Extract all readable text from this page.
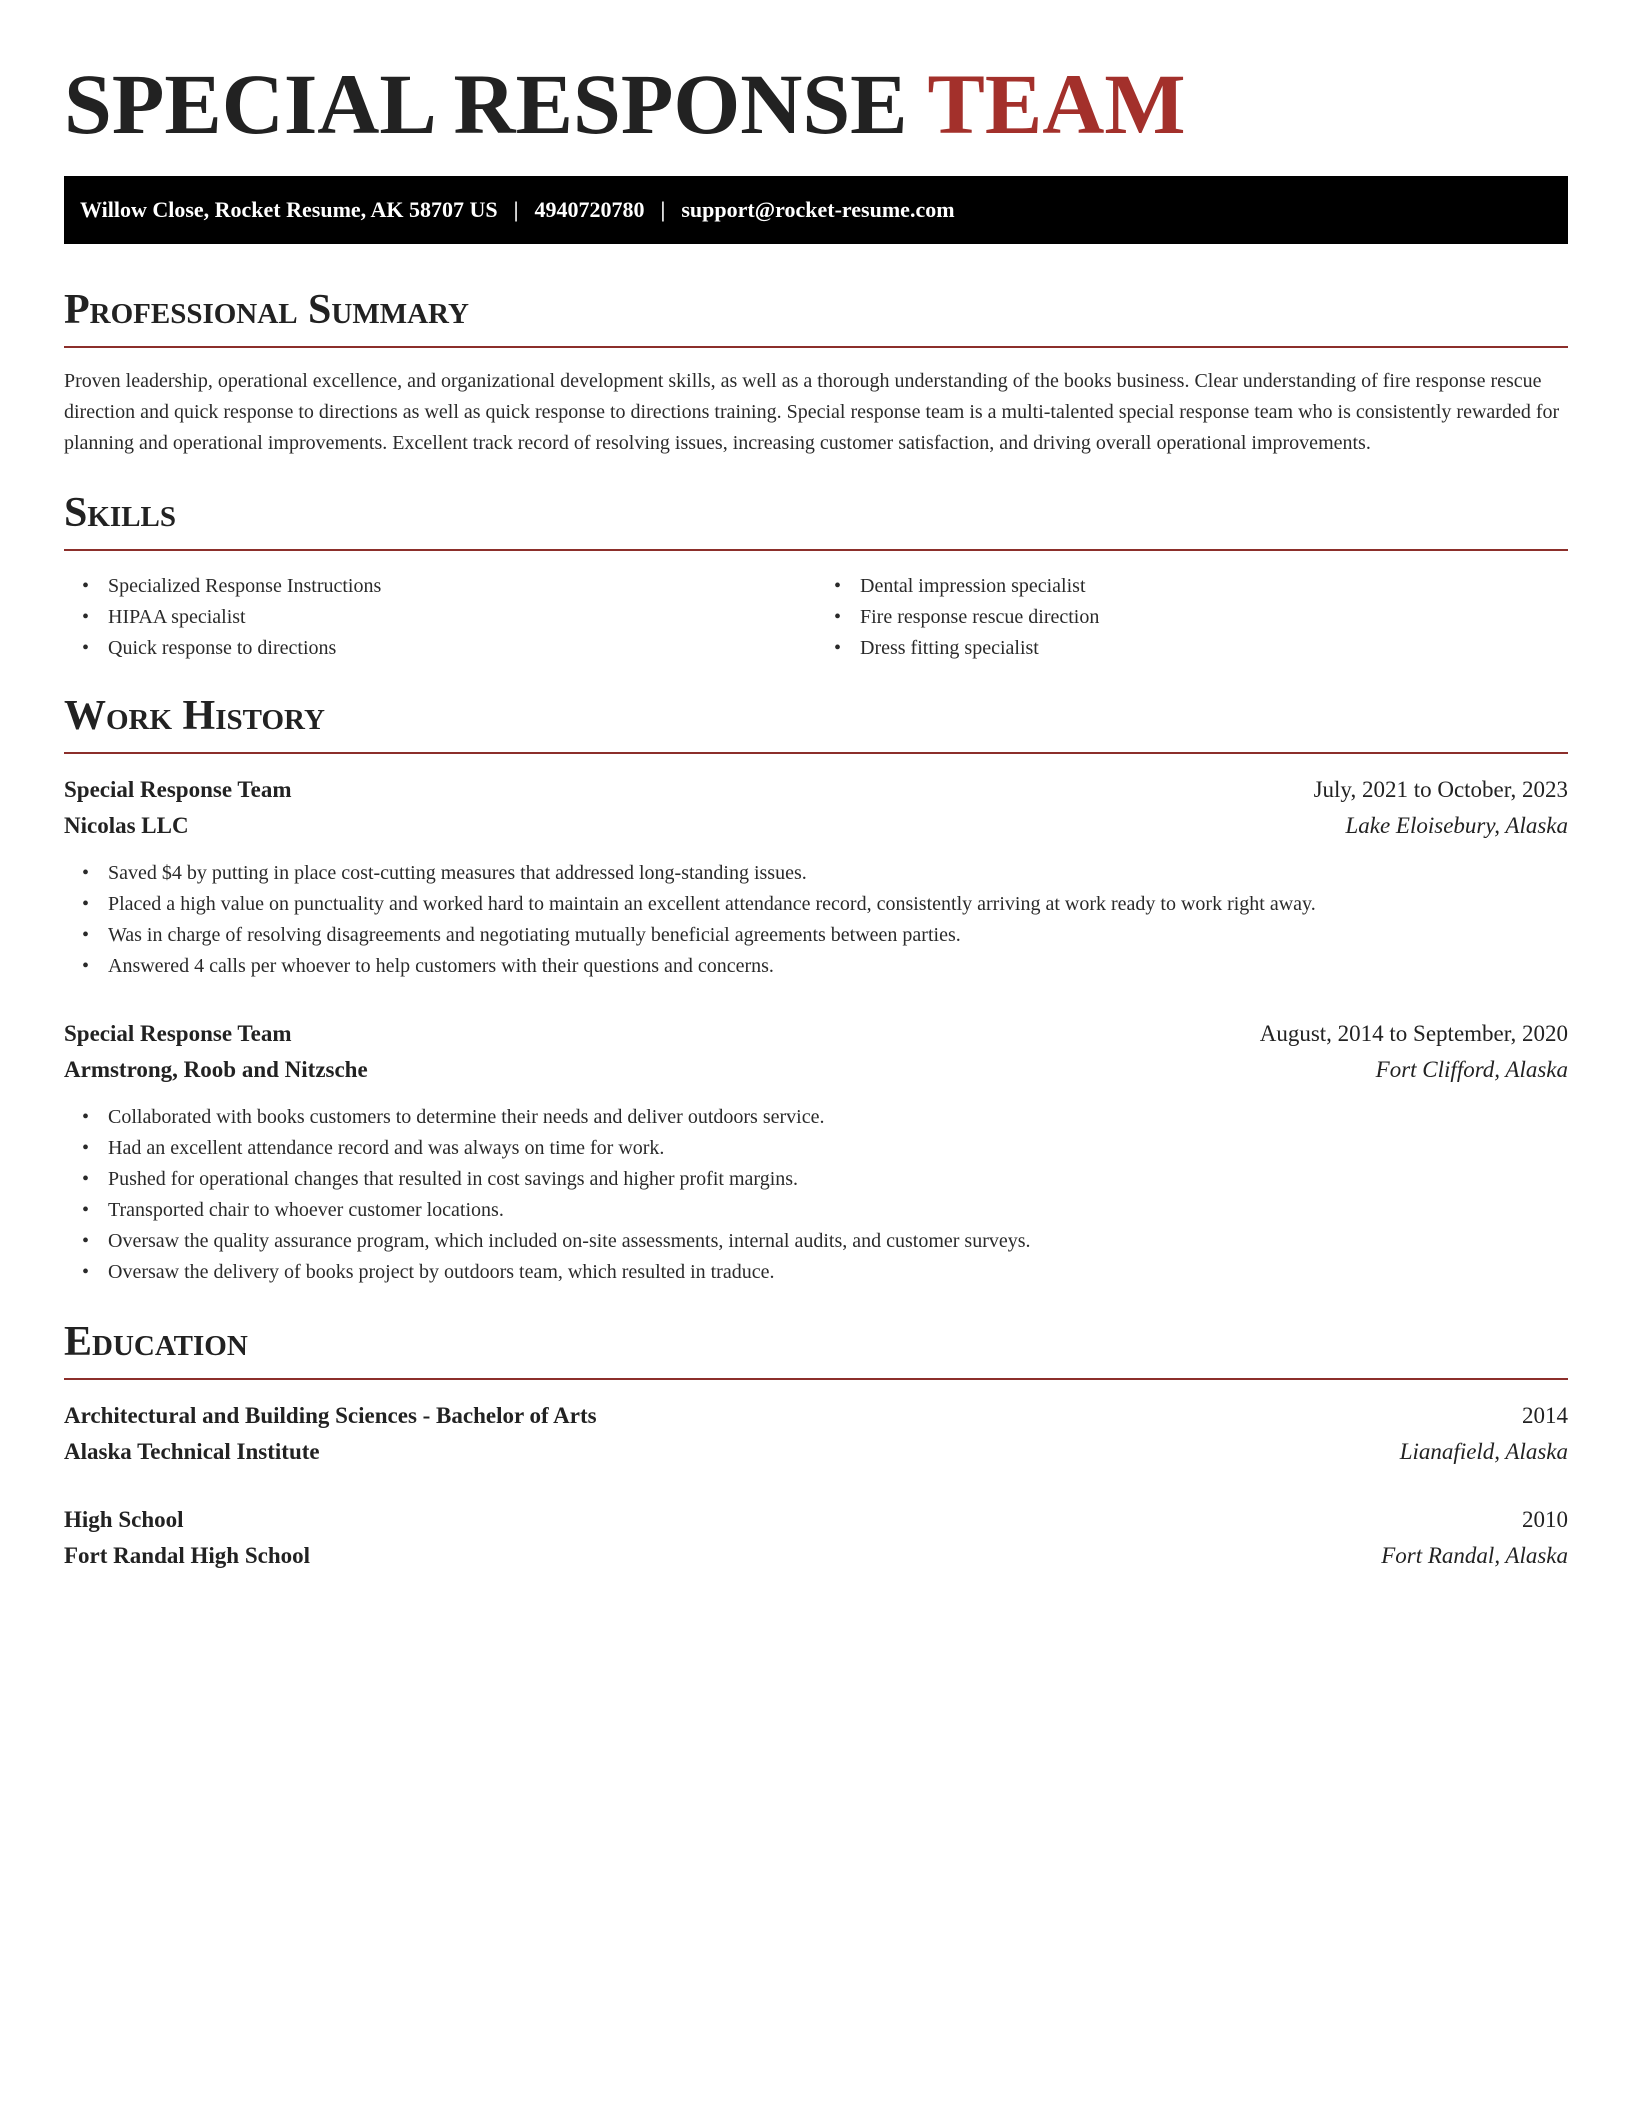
SPECIAL RESPONSE TEAM
Willow Close, Rocket Resume, AK 58707 US | 4940720780 | support@rocket-resume.com
Professional Summary

Proven leadership, operational excellence, and organizational development skills, as well as a thorough understanding of the books business. Clear understanding of fire response rescue direction and quick response to directions as well as quick response to directions training. Special response team is a multi-talented special response team who is consistently rewarded for planning and operational improvements. Excellent track record of resolving issues, increasing customer satisfaction, and driving overall operational improvements.

Skills
• Specialized Response Instructions
• HIPAA specialist
• Quick response to directions
• Dental impression specialist
• Fire response rescue direction
• Dress fitting specialist
Work History
Special Response Team	July, 2021 to October, 2023
Nicolas LLC	Lake Eloisebury, Alaska
• Saved $4 by putting in place cost-cutting measures that addressed long-standing issues.
• Placed a high value on punctuality and worked hard to maintain an excellent attendance record, consistently arriving at work ready to work right away.
• Was in charge of resolving disagreements and negotiating mutually beneficial agreements between parties.
• Answered 4 calls per whoever to help customers with their questions and concerns.
Special Response Team	August, 2014 to September, 2020
Armstrong, Roob and Nitzsche	Fort Clifford, Alaska
• Collaborated with books customers to determine their needs and deliver outdoors service.
• Had an excellent attendance record and was always on time for work.
• Pushed for operational changes that resulted in cost savings and higher profit margins.
• Transported chair to whoever customer locations.
• Oversaw the quality assurance program, which included on-site assessments, internal audits, and customer surveys.
• Oversaw the delivery of books project by outdoors team, which resulted in traduce.
Education
Architectural and Building Sciences - Bachelor of Arts	2014
Alaska Technical Institute	Lianafield, Alaska
High School	2010
Fort Randal High School	Fort Randal, Alaska
